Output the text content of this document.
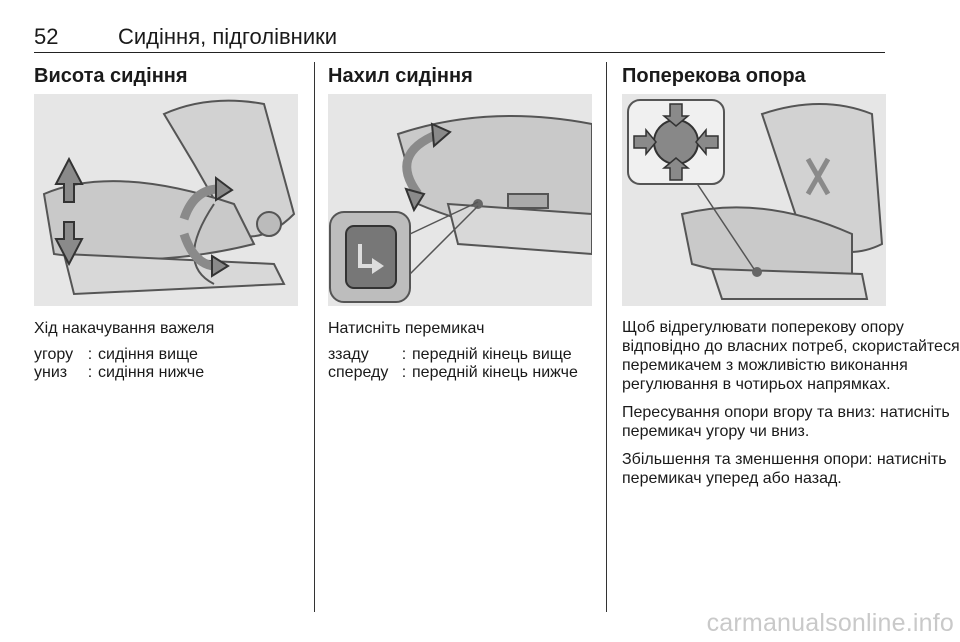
52	Сидіння, підголівники
Висота сидіння
Хід накачування важеля
угору : сидіння вище
униз	: сидіння нижче
Нахил сидіння
Натисніть перемикач
ззаду	: передній кінець вище
спереду : передній кінець нижче
Поперекова опора

Щоб відрегулювати поперекову опору відповідно до власних потреб, скористайтеся перемикачем з можливістю виконання регулювання в чотирьох напрямках.

Пересування опори вгору та вниз: натисніть перемикач угору чи вниз.

Збільшення та зменшення опори: натисніть перемикач уперед або назад.

carmanualsonline.info
